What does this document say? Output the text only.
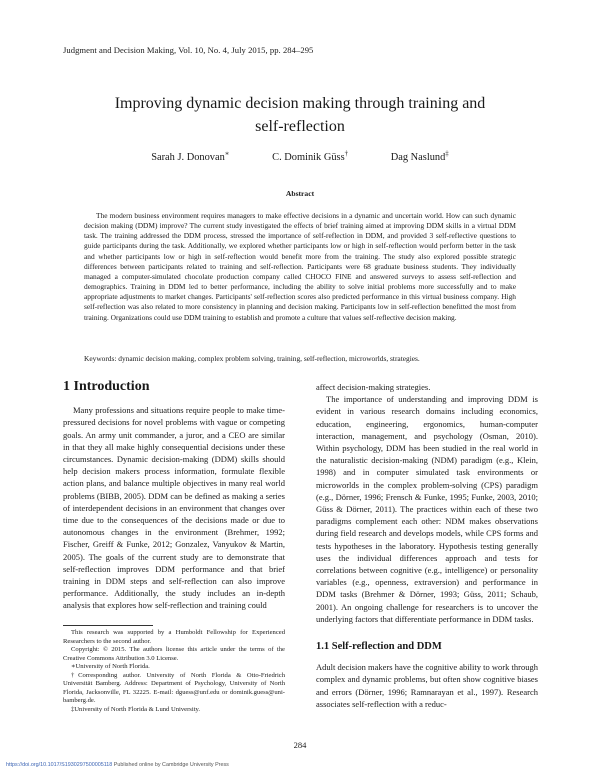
Judgment and Decision Making, Vol. 10, No. 4, July 2015, pp. 284–295
Improving dynamic decision making through training and
self-reflection
Sarah J. Donovan∗	C. Dominik Güss†	Dag Naslund‡
Abstract

The modern business environment requires managers to make effective decisions in a dynamic and uncertain world. How can such dynamic decision making (DDM) improve? The current study investigated the effects of brief training aimed at improving DDM skills in a virtual DDM task. The training addressed the DDM process, stressed the importance of self-reflection in DDM, and provided 3 self-reflective questions to guide participants during the task. Additionally, we explored whether participants low or high in self-reflection would perform better in the task and whether participants low or high in self-reflection would benefit more from the training. The study also explored possible strategic differences between participants related to training and self-reflection. Participants were 68 graduate business students. They individually managed a computer-simulated chocolate production company called CHOCO FINE and answered surveys to assess self-reflection and demographics. Training in DDM led to better performance, including the ability to solve initial problems more successfully and to make appropriate adjustments to market changes. Participants' self-reflection scores also predicted performance in this virtual business company. High self-reflection was also related to more consistency in planning and decision making. Participants low in self-reflection benefitted the most from training. Organizations could use DDM training to establish and promote a culture that values self-reflective decision making.

Keywords: dynamic decision making, complex problem solving, training, self-reflection, microworlds, strategies.
1 Introduction

Many professions and situations require people to make time-pressured decisions for novel problems with vague or competing goals. An army unit commander, a juror, and a CEO are similar in that they all make highly consequential decisions under these circumstances. Dynamic decision-making (DDM) skills should help decision makers process information, formulate flexible action plans, and balance multiple objectives in many real world problems (BIBB, 2005). DDM can be defined as making a series of interdependent decisions in an environment that changes over time due to the consequences of the decisions made or due to autonomous changes in the environment (Brehmer, 1992; Fischer, Greiff & Funke, 2012; Gonzalez, Vanyukov & Martin, 2005). The goals of the current study are to demonstrate that self-reflection improves DDM performance and that brief training in DDM steps and self-reflection can also improve performance. Additionally, the study includes an in-depth analysis that explores how self-reflection and training could

This research was supported by a Humboldt Fellowship for Experienced Researchers to the second author.

Copyright: © 2015. The authors license this article under the terms of the Creative Commons Attribution 3.0 License.

∗University of North Florida.

†Corresponding author. University of North Florida & Otto-Friedrich Universität Bamberg. Address: Department of Psychology, University of North Florida, Jacksonville, FL 32225. E-mail: dguess@unf.edu or dominik.guess@uni-bamberg.de.

‡University of North Florida & Lund University.

affect decision-making strategies.

The importance of understanding and improving DDM is evident in various research domains including economics, education, engineering, ergonomics, human-computer interaction, management, and psychology (Osman, 2010). Within psychology, DDM has been studied in the real world in the naturalistic decision-making (NDM) paradigm (e.g., Klein, 1998) and in computer simulated task environments or microworlds in the complex problem-solving (CPS) paradigm (e.g., Dörner, 1996; Frensch & Funke, 1995; Funke, 2003, 2010; Güss & Dörner, 2011). The practices within each of these two paradigms complement each other: NDM makes observations during field research and develops models, while CPS forms and tests hypotheses in the laboratory. Hypothesis testing generally uses the individual differences approach and tests for correlations between cognitive (e.g., intelligence) or personality variables (e.g., openness, extraversion) and performance in DDM tasks (Brehmer & Dörner, 1993; Güss, 2011; Schaub, 2001). An ongoing challenge for researchers is to uncover the underlying factors that differentiate performance in DDM tasks.

1.1 Self-reflection and DDM

Adult decision makers have the cognitive ability to work through complex and dynamic problems, but often show cognitive biases and errors (Dörner, 1996; Ramnarayan et al., 1997). Research associates self-reflection with a reduc-

284
https://doi.org/10.1017/S1930297500005118 Published online by Cambridge University Press
